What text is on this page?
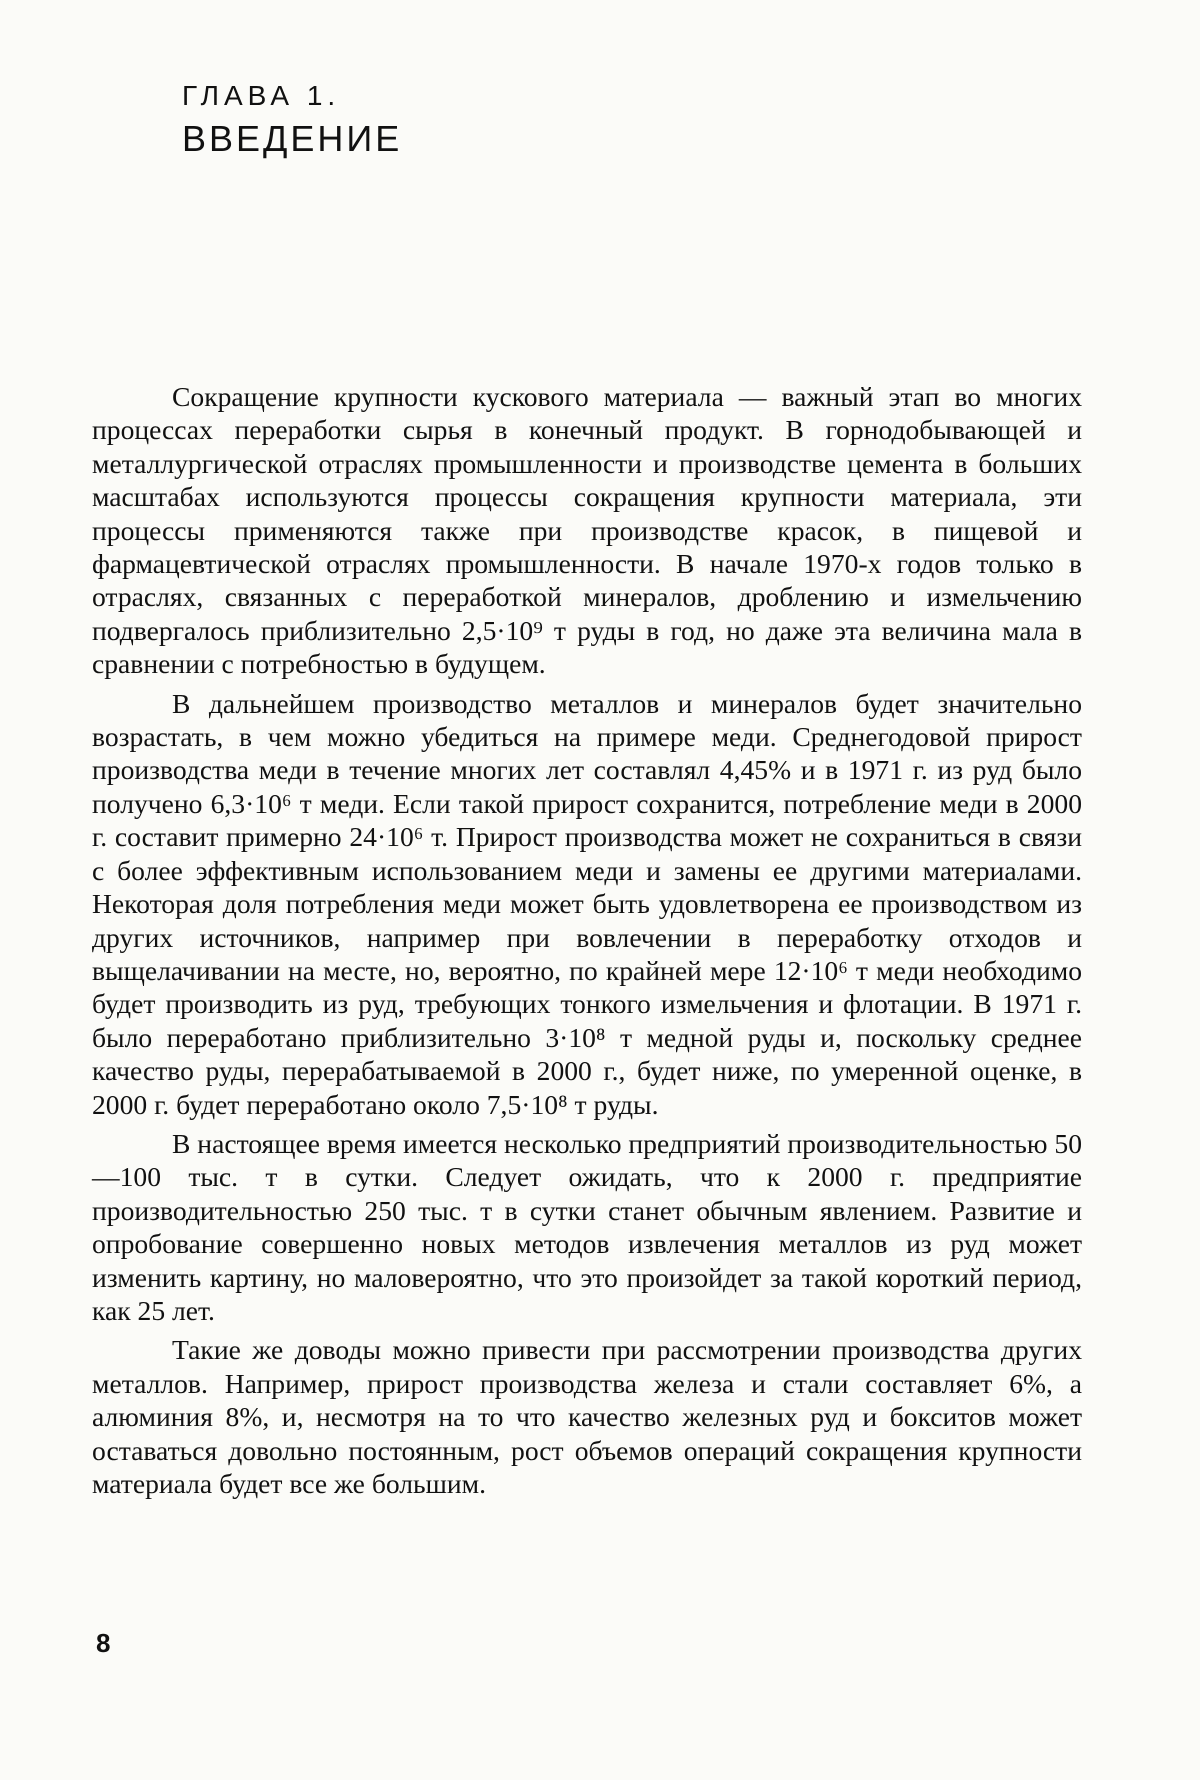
ГЛАВА 1.
ВВЕДЕНИЕ

Сокращение крупности кускового материала — важный этап во многих процессах переработки сырья в конечный продукт. В горнодобывающей и металлургической отраслях промышленности и производстве цемента в больших масштабах используются процессы сокращения крупности материала, эти процессы применяются также при производстве красок, в пищевой и фармацевтической отраслях промышленности. В начале 1970-х годов только в отраслях, связанных с переработкой минералов, дроблению и измельчению подвергалось приблизительно 2,5·10⁹ т руды в год, но даже эта величина мала в сравнении с потребностью в будущем.

В дальнейшем производство металлов и минералов будет значительно возрастать, в чем можно убедиться на примере меди. Среднегодовой прирост производства меди в течение многих лет составлял 4,45% и в 1971 г. из руд было получено 6,3·10⁶ т меди. Если такой прирост сохранится, потребление меди в 2000 г. составит примерно 24·10⁶ т. Прирост производства может не сохраниться в связи с более эффективным использованием меди и замены ее другими материалами. Некоторая доля потребления меди может быть удовлетворена ее производством из других источников, например при вовлечении в переработку отходов и выщелачивании на месте, но, вероятно, по крайней мере 12·10⁶ т меди необходимо будет производить из руд, требующих тонкого измельчения и флотации. В 1971 г. было переработано приблизительно 3·10⁸ т медной руды и, поскольку среднее качество руды, перерабатываемой в 2000 г., будет ниже, по умеренной оценке, в 2000 г. будет переработано около 7,5·10⁸ т руды.

В настоящее время имеется несколько предприятий производительностью 50—100 тыс. т в сутки. Следует ожидать, что к 2000 г. предприятие производительностью 250 тыс. т в сутки станет обычным явлением. Развитие и опробование совершенно новых методов извлечения металлов из руд может изменить картину, но маловероятно, что это произойдет за такой короткий период, как 25 лет.

Такие же доводы можно привести при рассмотрении производства других металлов. Например, прирост производства железа и стали составляет 6%, а алюминия 8%, и, несмотря на то что качество железных руд и бокситов может оставаться довольно постоянным, рост объемов операций сокращения крупности материала будет все же большим.

8
